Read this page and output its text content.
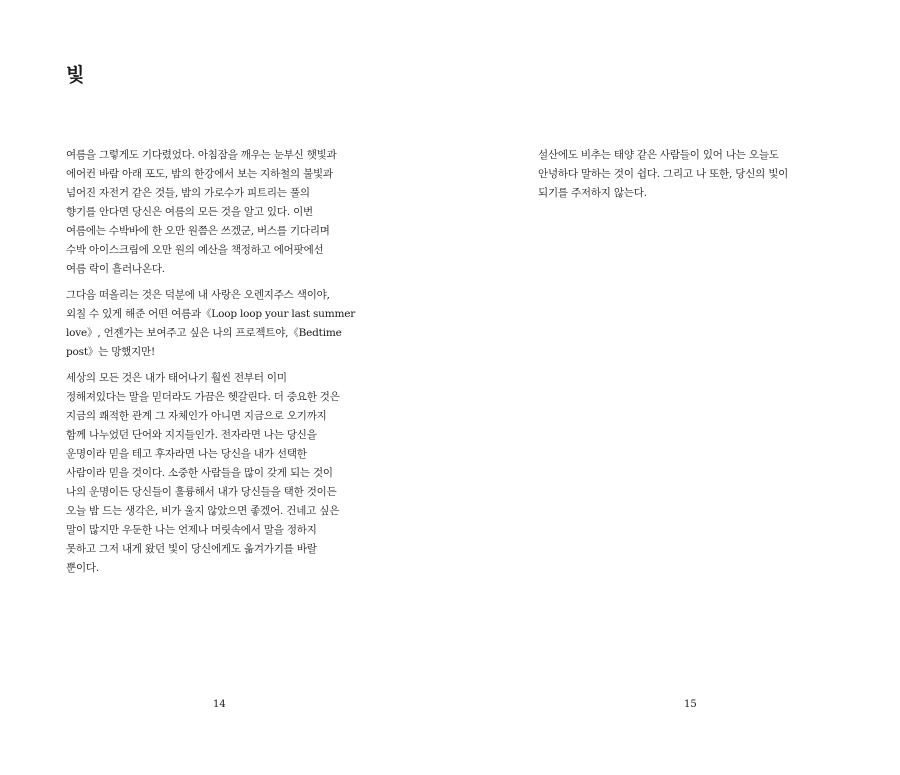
빛

여름을 그렇게도 기다렸었다. 아침잠을 깨우는 눈부신 햇빛과
에어컨 바람 아래 포도, 밤의 한강에서 보는 지하철의 불빛과
넘어진 자전거 같은 것들, 밤의 가로수가 피트리는 풀의
향기를 안다면 당신은 여름의 모든 것을 알고 있다. 이번
여름에는 수박바에 한 오만 원쯤은 쓰겠군, 버스를 기다리며
수박 아이스크림에 오만 원의 예산을 책정하고 에어팟에선
여름 락이 흘러나온다.

그다음 떠올리는 것은 덕분에 내 사랑은 오렌지주스 색이야,
외칠 수 있게 해준 어떤 여름과《Loop loop your last summer
love》, 언젠가는 보여주고 싶은 나의 프로젝트야,《Bedtime
post》는 망했지만!

세상의 모든 것은 내가 태어나기 훨씬 전부터 이미
정해져있다는 말을 믿더라도 가끔은 헷갈린다. 더 중요한 것은
지금의 쾌적한 관계 그 자체인가 아니면 지금으로 오기까지
함께 나누었던 단어와 지지들인가. 전자라면 나는 당신을
운명이라 믿을 테고 후자라면 나는 당신을 내가 선택한
사람이라 믿을 것이다. 소중한 사람들을 많이 갖게 되는 것이
나의 운명이든 당신들이 훌륭해서 내가 당신들을 택한 것이든
오늘 밤 드는 생각은, 비가 울지 않았으면 좋겠어. 건네고 싶은
말이 많지만 우둔한 나는 언제나 머릿속에서 말을 정하지
못하고 그저 내게 왔던 빛이 당신에게도 옮겨가기를 바랄
뿐이다.

14

설산에도 비추는 태양 같은 사람들이 있어 나는 오늘도
안녕하다 말하는 것이 쉽다. 그리고 나 또한, 당신의 빛이
되기를 주저하지 않는다.

15
